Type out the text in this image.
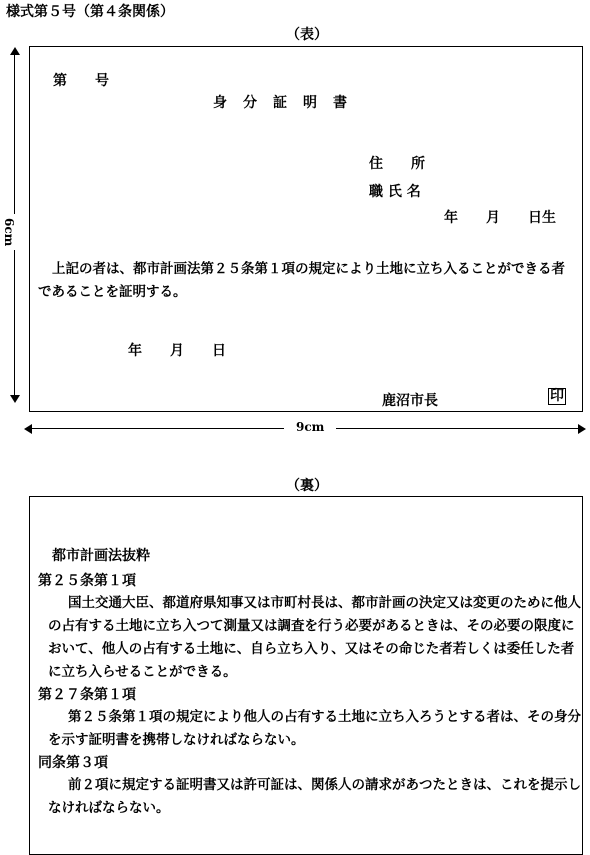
様式第５号（第４条関係）
（表）
6cm
第　　号
身　分　証　明　書
住　　所
職 氏 名
年　　月　　日生
上記の者は、都市計画法第２５条第１項の規定により土地に立ち入ることができる者であることを証明する。
年　　月　　日
鹿沼市長	印
9cm
（裏）
都市計画法抜粋
第２５条第１項
国土交通大臣、都道府県知事又は市町村長は、都市計画の決定又は変更のために他人の占有する土地に立ち入つて測量又は調査を行う必要があるときは、その必要の限度において、他人の占有する土地に、自ら立ち入り、又はその命じた者若しくは委任した者に立ち入らせることができる。
第２７条第１項
第２５条第１項の規定により他人の占有する土地に立ち入ろうとする者は、その身分を示す証明書を携帯しなければならない。
同条第３項
前２項に規定する証明書又は許可証は、関係人の請求があつたときは、これを提示しなければならない。
